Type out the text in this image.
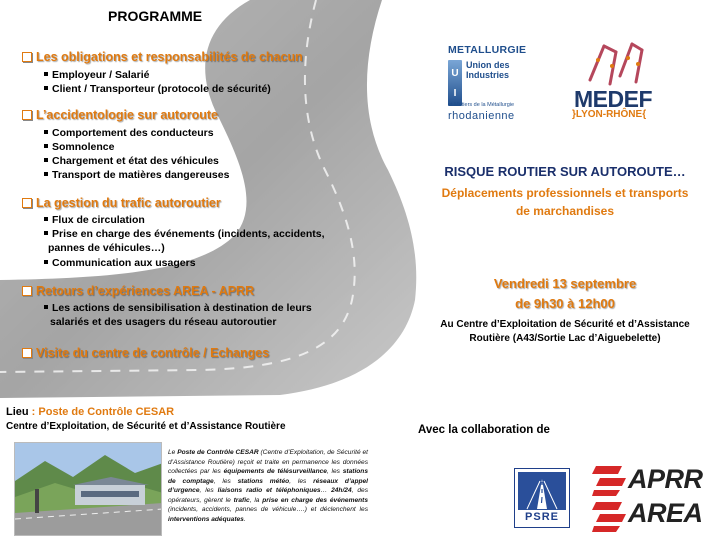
PROGRAMME
Les obligations et responsabilités de chacun
Employeur / Salarié
Client / Transporteur (protocole de sécurité)
L’accidentologie sur autoroute
Comportement des conducteurs
Somnolence
Chargement et état des véhicules
Transport de matières dangereuses
La gestion du trafic autoroutier
Flux de circulation
Prise en charge des événements (incidents, accidents,
pannes de véhicules…)
Communication aux usagers
Retours d’expériences AREA - APRR
Les actions de sensibilisation à destination de leurs
salariés et des usagers du réseau autoroutier
Visite du centre de contrôle / Echanges
METALLURGIE
U
I
Union des
Industries
et Métiers de la Métallurgie
rhodanienne
MEDEF
}LYON-RHÔNE{
RISQUE ROUTIER SUR AUTOROUTE…
Déplacements professionnels et transports
de marchandises
Vendredi 13 septembre
de 9h30 à 12h00
Au Centre d’Exploitation de Sécurité et d’Assistance
Routière (A43/Sortie Lac d’Aiguebelette)
Lieu : Poste de Contrôle CESAR
Centre d’Exploitation, de Sécurité et d’Assistance Routière
Le Poste de Contrôle CESAR (Centre d’Exploitation, de Sécurité et d’Assistance Routière) reçoit et traite en permanence les données collectées par les équipements de télésurveillance, les stations de comptage, les stations météo, les réseaux d’appel d’urgence, les liaisons radio et téléphoniques… 24h/24, des opérateurs, gèrent le trafic, la prise en charge des événements (incidents, accidents, pannes de véhicule….) et déclenchent les interventions adéquates.
Avec la collaboration de
PSRE
APRR
AREA
